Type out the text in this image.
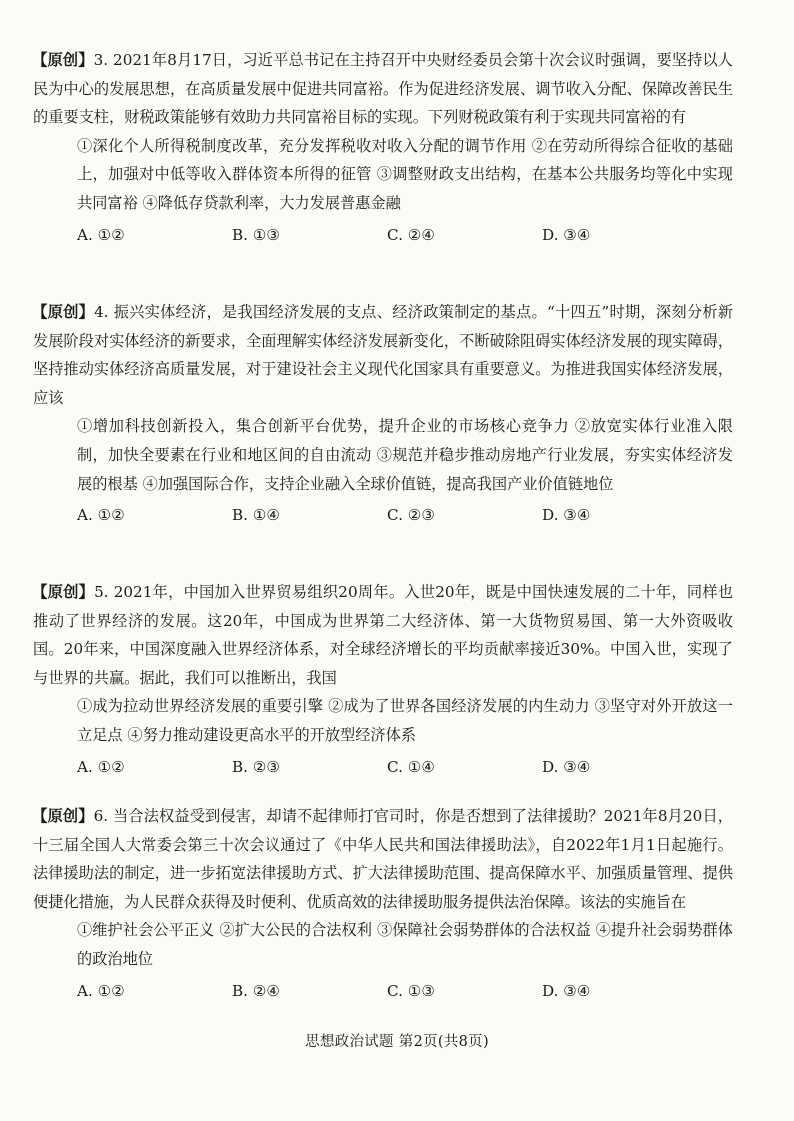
【原创】3. 2021年8月17日，习近平总书记在主持召开中央财经委员会第十次会议时强调，要坚持以人民为中心的发展思想，在高质量发展中促进共同富裕。作为促进经济发展、调节收入分配、保障改善民生的重要支柱，财税政策能够有效助力共同富裕目标的实现。下列财税政策有利于实现共同富裕的有

①深化个人所得税制度改革，充分发挥税收对收入分配的调节作用 ②在劳动所得综合征收的基础上，加强对中低等收入群体资本所得的征管 ③调整财政支出结构，在基本公共服务均等化中实现共同富裕 ④降低存贷款利率，大力发展普惠金融

A. ①②	B. ①③	C. ②④	D. ③④

【原创】4. 振兴实体经济，是我国经济发展的支点、经济政策制定的基点。“十四五”时期，深刻分析新发展阶段对实体经济的新要求，全面理解实体经济发展新变化，不断破除阻碍实体经济发展的现实障碍，坚持推动实体经济高质量发展，对于建设社会主义现代化国家具有重要意义。为推进我国实体经济发展，应该

①增加科技创新投入，集合创新平台优势，提升企业的市场核心竞争力 ②放宽实体行业准入限制，加快全要素在行业和地区间的自由流动 ③规范并稳步推动房地产行业发展，夯实实体经济发展的根基 ④加强国际合作，支持企业融入全球价值链，提高我国产业价值链地位

A. ①②	B. ①④	C. ②③	D. ③④

【原创】5. 2021年，中国加入世界贸易组织20周年。入世20年，既是中国快速发展的二十年，同样也推动了世界经济的发展。这20年，中国成为世界第二大经济体、第一大货物贸易国、第一大外资吸收国。20年来，中国深度融入世界经济体系，对全球经济增长的平均贡献率接近30%。中国入世，实现了与世界的共赢。据此，我们可以推断出，我国

①成为拉动世界经济发展的重要引擎 ②成为了世界各国经济发展的内生动力 ③坚守对外开放这一立足点 ④努力推动建设更高水平的开放型经济体系

A. ①②	B. ②③	C. ①④	D. ③④

【原创】6. 当合法权益受到侵害，却请不起律师打官司时，你是否想到了法律援助？2021年8月20日，十三届全国人大常委会第三十次会议通过了《中华人民共和国法律援助法》，自2022年1月1日起施行。法律援助法的制定，进一步拓宽法律援助方式、扩大法律援助范围、提高保障水平、加强质量管理、提供便捷化措施，为人民群众获得及时便利、优质高效的法律援助服务提供法治保障。该法的实施旨在

①维护社会公平正义 ②扩大公民的合法权利 ③保障社会弱势群体的合法权益 ④提升社会弱势群体的政治地位

A. ①②	B. ②④	C. ①③	D. ③④
思想政治试题 第2页(共8页)
